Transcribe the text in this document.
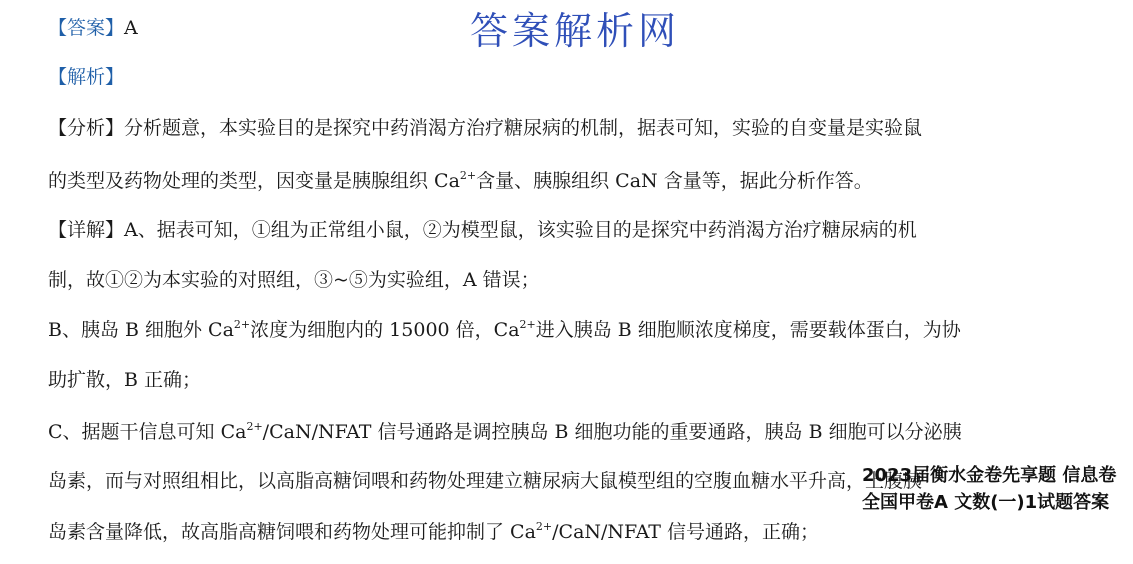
答案解析网
【答案】A
【解析】
【分析】分析题意，本实验目的是探究中药消渴方治疗糖尿病的机制，据表可知，实验的自变量是实验鼠
的类型及药物处理的类型，因变量是胰腺组织 $Ca^{2+}$含量、胰腺组织 CaN 含量等，据此分析作答。
【详解】A、据表可知，①组为正常组小鼠，②为模型鼠，该实验目的是探究中药消渴方治疗糖尿病的机
制，故①②为本实验的对照组，③~⑤为实验组，A 错误；
B、胰岛 B 细胞外 $Ca^{2+}$浓度为细胞内的 15000 倍，$Ca^{2+}$进入胰岛 B 细胞顺浓度梯度，需要载体蛋白，为协
助扩散，B 正确；
C、据题干信息可知 $Ca^{2+}/CaN$/NFAT 信号通路是调控胰岛 B 细胞功能的重要通路，胰岛 B 细胞可以分泌胰
岛素，而与对照组相比，以高脂高糖饲喂和药物处理建立糖尿病大鼠模型组的空腹血糖水平升高，上腹胰
岛素含量降低，故高脂高糖饲喂和药物处理可能抑制了 $Ca^{2+}/CaN$/NFAT 信号通路，正确；
2023届衡水金卷先享题 信息卷 全国甲卷A 文数(一)1试题答案
